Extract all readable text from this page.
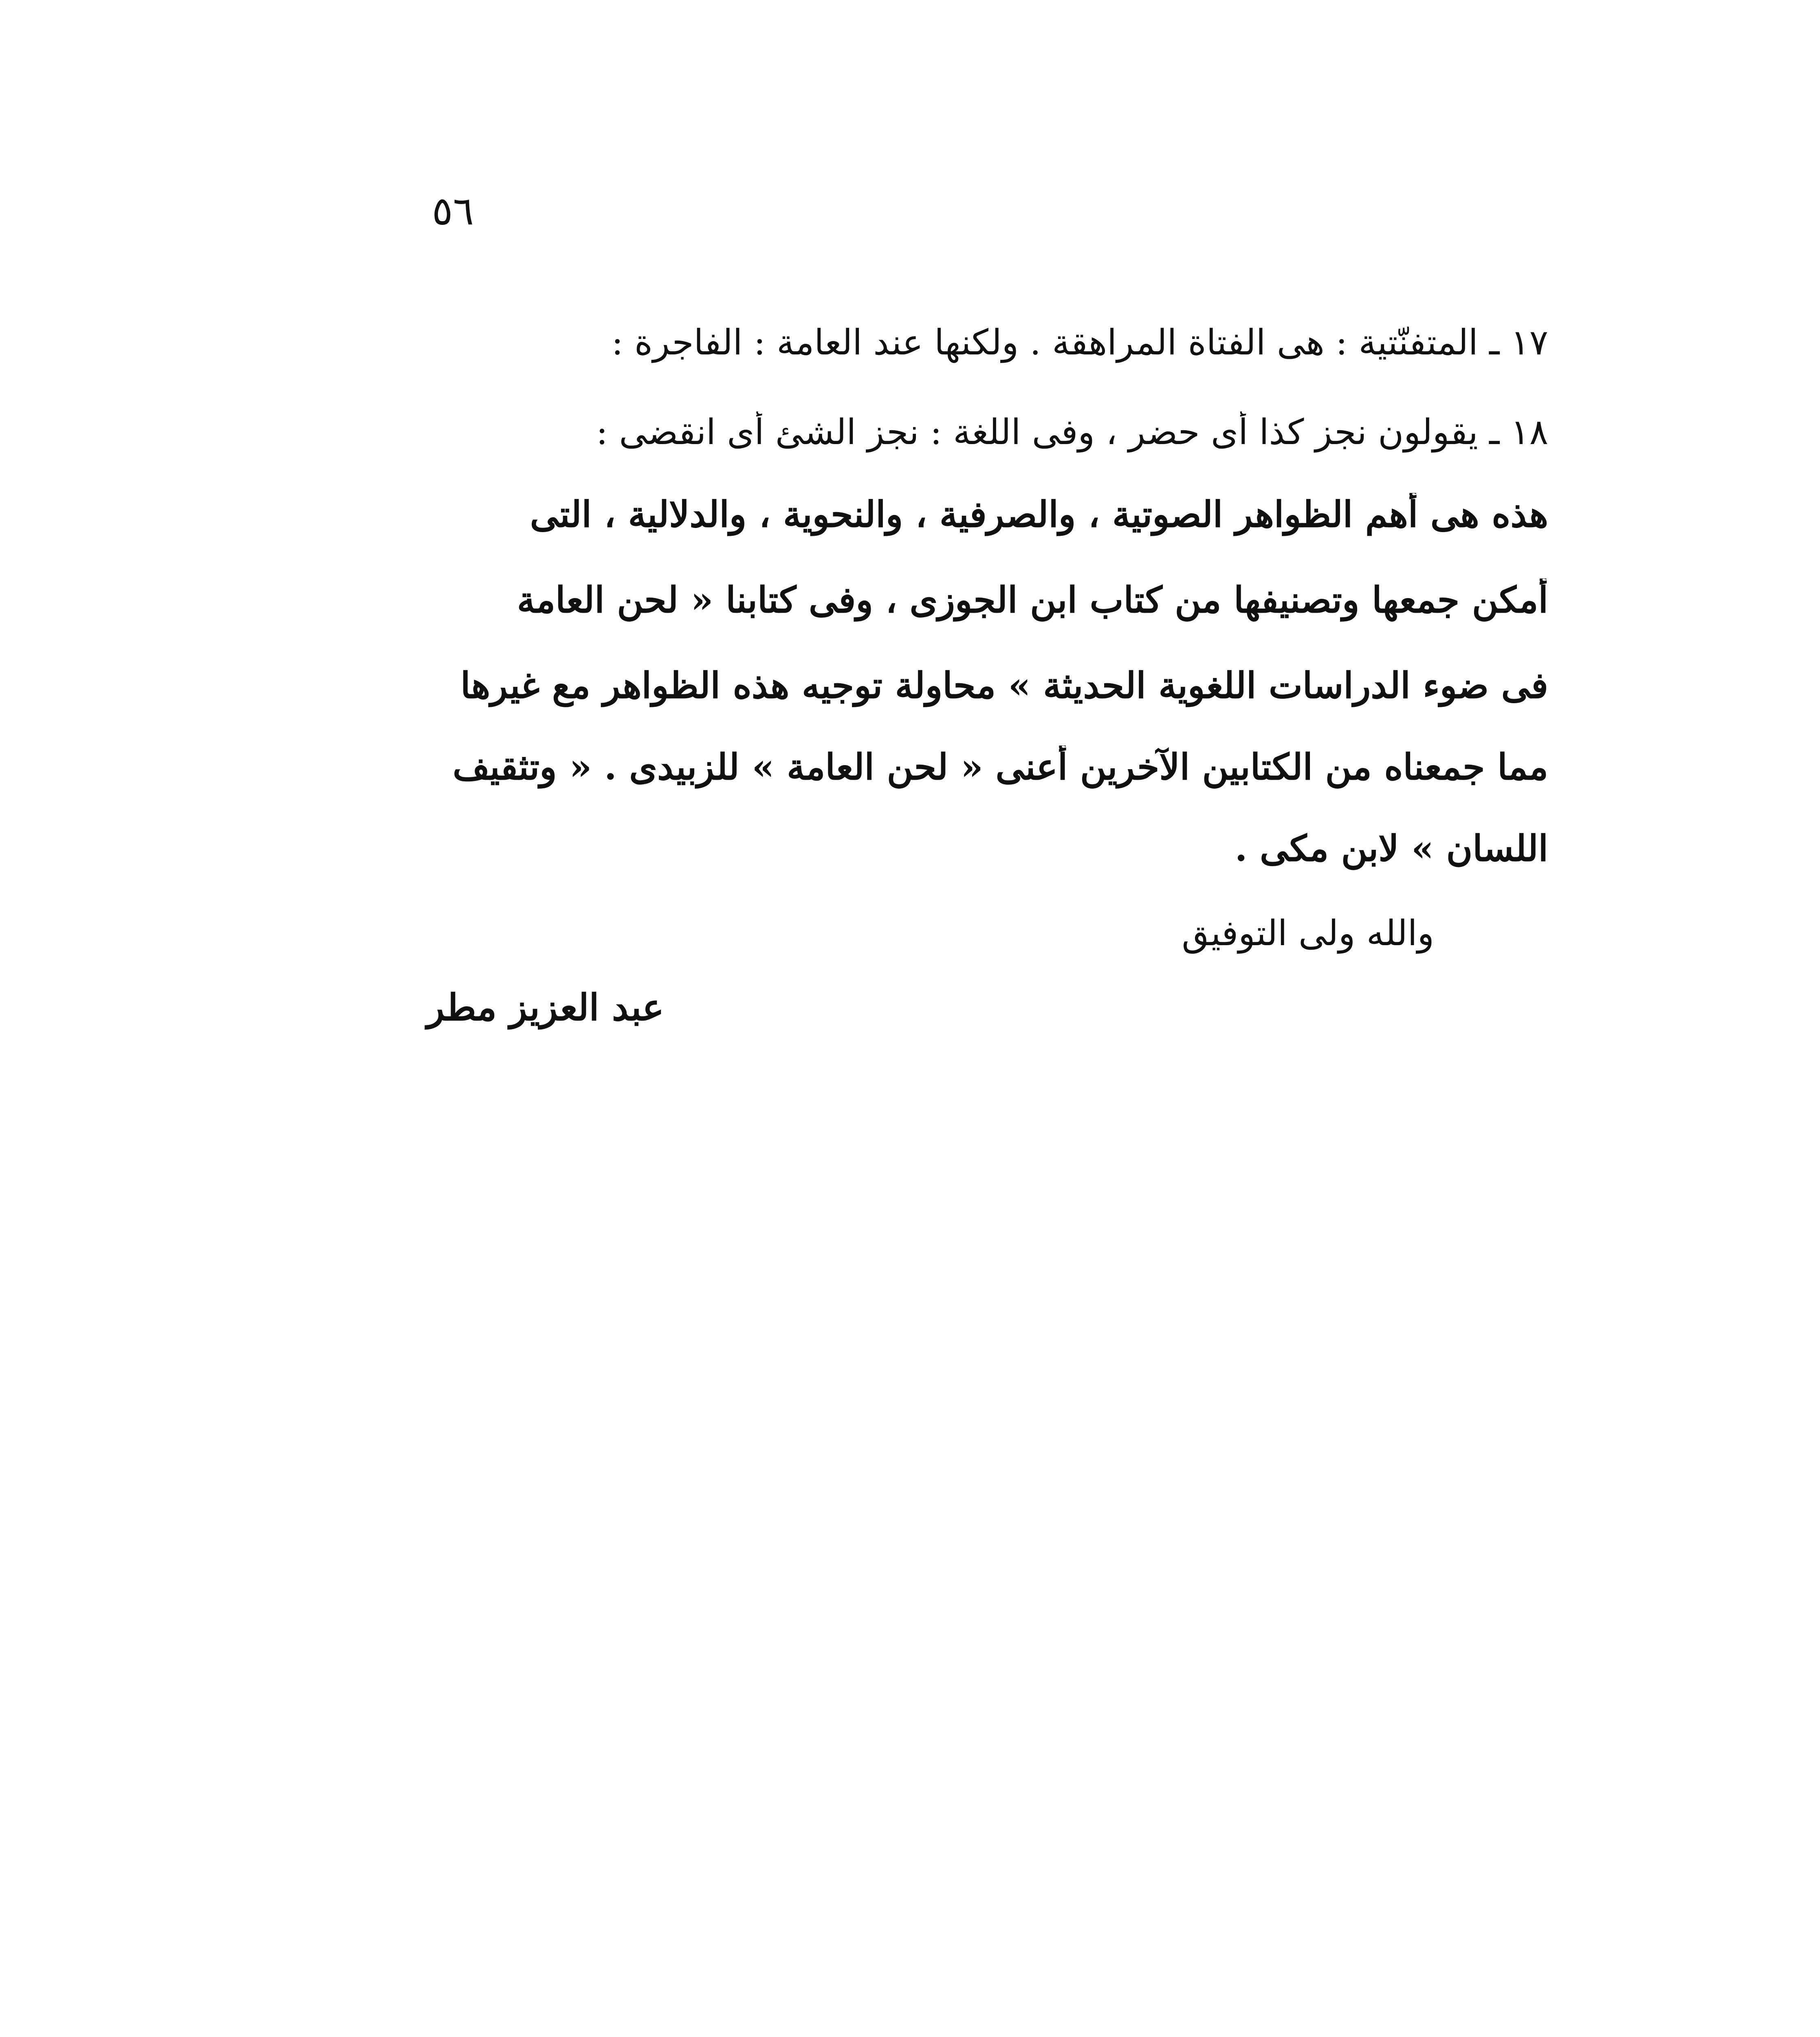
٥٦
١٧ ـ المتفنّتية : هى الفتاة المراهقة . ولكنها عند العامة : الفاجرة :
١٨ ـ يقولون نجز كذا أى حضر ، وفى اللغة : نجز الشئ أى انقضى :
هذه هى أهم الظواهر الصوتية ، والصرفية ، والنحوية ، والدلالية ، التى
أمكن جمعها وتصنيفها من كتاب ابن الجوزى ، وفى كتابنا « لحن العامة
فى ضوء الدراسات اللغوية الحديثة » محاولة توجيه هذه الظواهر مع غيرها
مما جمعناه من الكتابين الآخرين أعنى « لحن العامة » للزبيدى . « وتثقيف
اللسان » لابن مكى .
والله ولى التوفيق
عبد العزيز مطر
